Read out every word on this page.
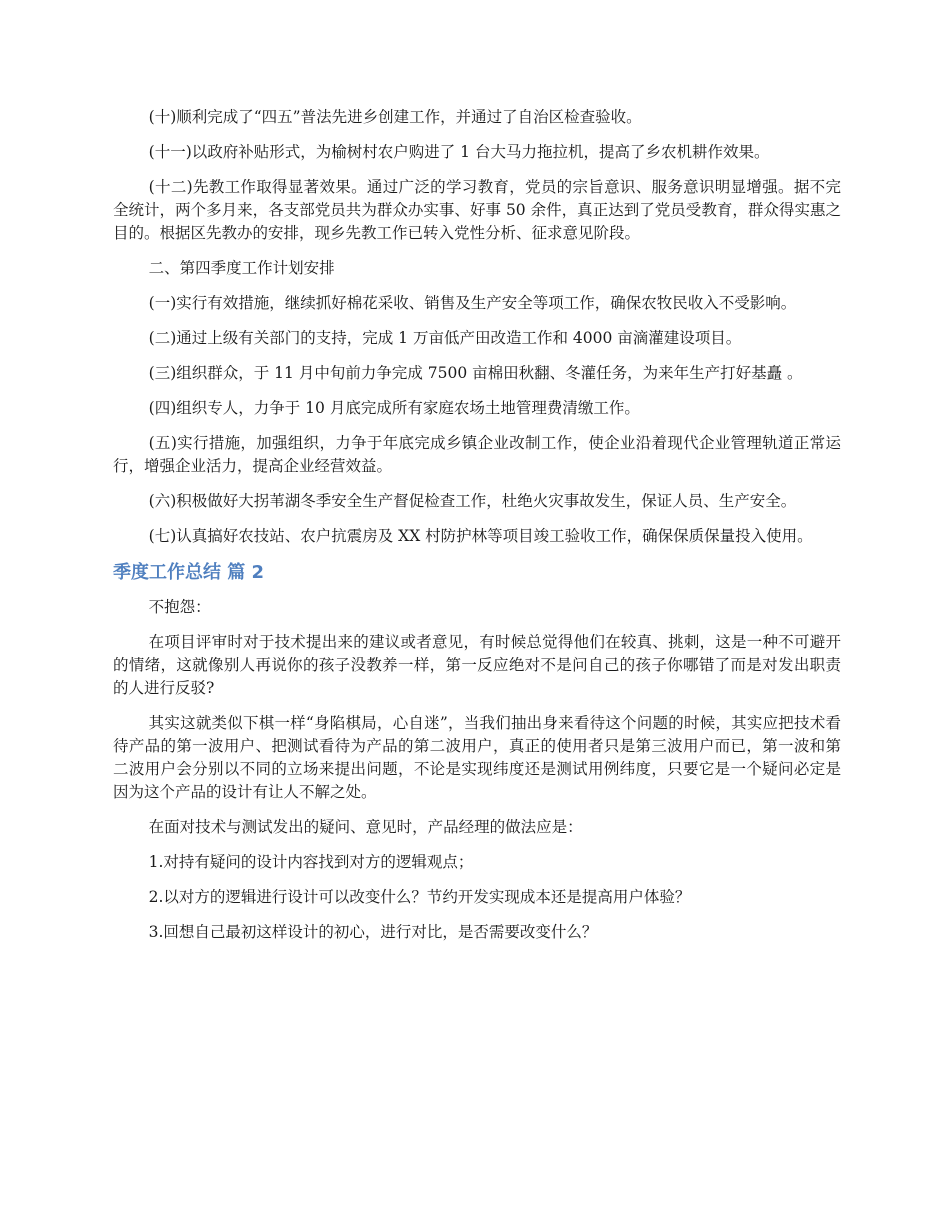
(十)顺利完成了“四五”普法先进乡创建工作，并通过了自治区检查验收。

(十一)以政府补贴形式，为榆树村农户购进了 1 台大马力拖拉机，提高了乡农机耕作效果。

(十二)先教工作取得显著效果。通过广泛的学习教育，党员的宗旨意识、服务意识明显增强。据不完全统计，两个多月来，各支部党员共为群众办实事、好事 50 余件，真正达到了党员受教育，群众得实惠之目的。根据区先教办的安排，现乡先教工作已转入党性分析、征求意见阶段。

二、第四季度工作计划安排

(一)实行有效措施，继续抓好棉花采收、销售及生产安全等项工作，确保农牧民收入不受影响。

(二)通过上级有关部门的支持，完成 1 万亩低产田改造工作和 4000 亩滴灌建设项目。

(三)组织群众，于 11 月中旬前力争完成 7500 亩棉田秋翻、冬灌任务，为来年生产打好基矗 。

(四)组织专人，力争于 10 月底完成所有家庭农场土地管理费清缴工作。

(五)实行措施，加强组织，力争于年底完成乡镇企业改制工作，使企业沿着现代企业管理轨道正常运行，增强企业活力，提高企业经营效益。

(六)积极做好大拐苇湖冬季安全生产督促检查工作，杜绝火灾事故发生，保证人员、生产安全。

(七)认真搞好农技站、农户抗震房及 XX 村防护林等项目竣工验收工作，确保保质保量投入使用。

季度工作总结 篇 2

不抱怨：

在项目评审时对于技术提出来的建议或者意见，有时候总觉得他们在较真、挑刺，这是一种不可避开的情绪，这就像别人再说你的孩子没教养一样，第一反应绝对不是问自己的孩子你哪错了而是对发出职责的人进行反驳?

其实这就类似下棋一样“身陷棋局，心自迷”，当我们抽出身来看待这个问题的时候，其实应把技术看待产品的第一波用户、把测试看待为产品的第二波用户，真正的使用者只是第三波用户而已，第一波和第二波用户会分别以不同的立场来提出问题，不论是实现纬度还是测试用例纬度，只要它是一个疑问必定是因为这个产品的设计有让人不解之处。

在面对技术与测试发出的疑问、意见时，产品经理的做法应是：

1.对持有疑问的设计内容找到对方的逻辑观点；

2.以对方的逻辑进行设计可以改变什么？节约开发实现成本还是提高用户体验？

3.回想自己最初这样设计的初心，进行对比，是否需要改变什么？
